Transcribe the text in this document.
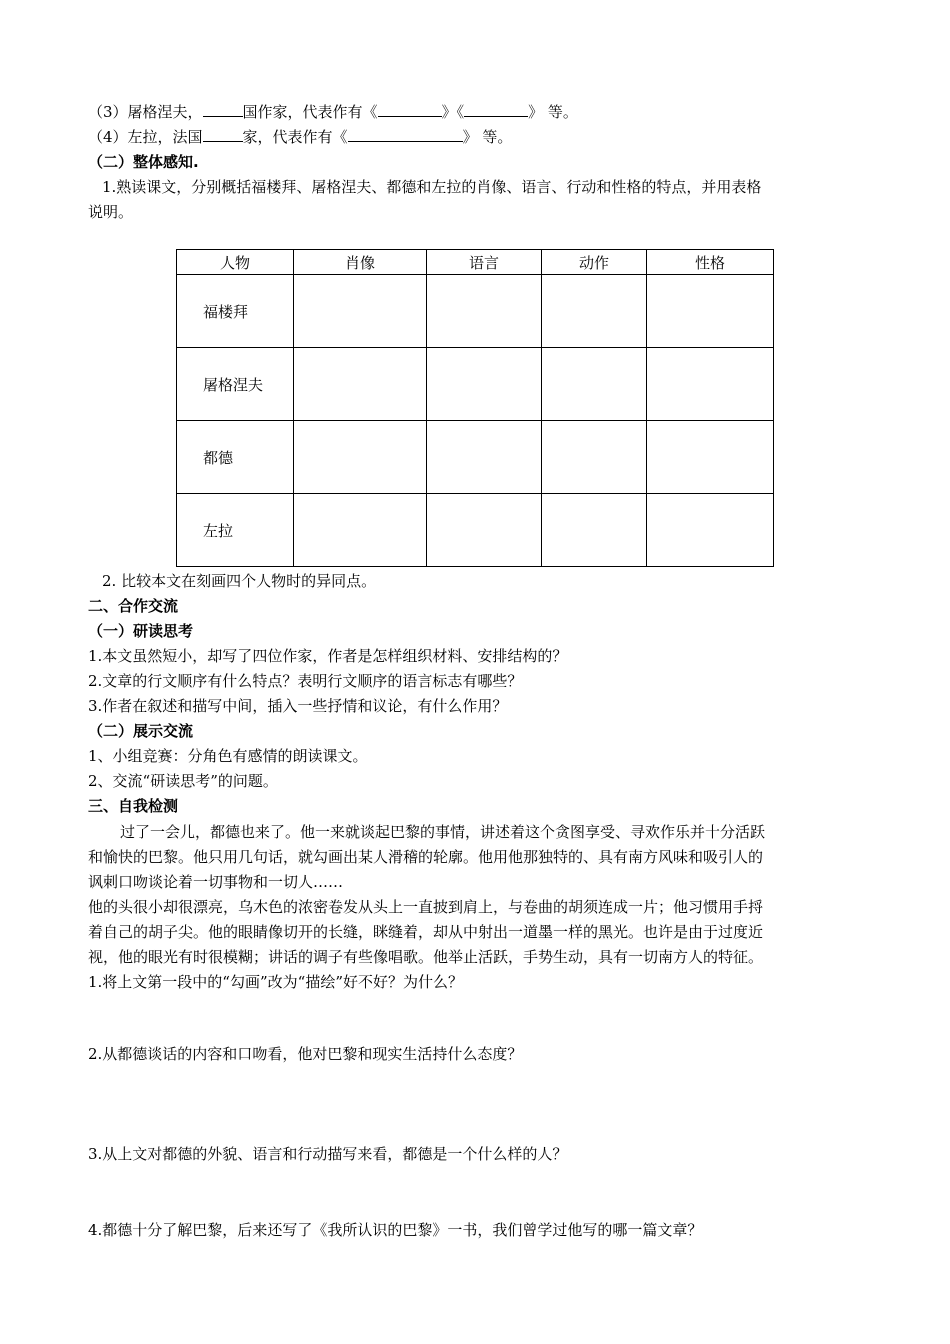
（3）屠格涅夫，	国作家，代表作有《	》《	》 等。
（4）左拉，法国	家，代表作有《	》 等。
（二）整体感知.
1.熟读课文，分别概括福楼拜、屠格涅夫、都德和左拉的肖像、语言、行动和性格的特点，并用表格
说明。
人物	肖像	语言	动作	性格
福楼拜				
屠格涅夫				
都德				
左拉				
2. 比较本文在刻画四个人物时的异同点。
二、合作交流
（一）研读思考
1.本文虽然短小，却写了四位作家，作者是怎样组织材料、安排结构的？
2.文章的行文顺序有什么特点？表明行文顺序的语言标志有哪些？
3.作者在叙述和描写中间，插入一些抒情和议论，有什么作用？
（二）展示交流
1、小组竞赛：分角色有感情的朗读课文。
2、交流“研读思考”的问题。
三、自我检测
过了一会儿，都德也来了。他一来就谈起巴黎的事情，讲述着这个贪图享受、寻欢作乐并十分活跃
和愉快的巴黎。他只用几句话，就勾画出某人滑稽的轮廓。他用他那独特的、具有南方风味和吸引人的
讽刺口吻谈论着一切事物和一切人……
他的头很小却很漂亮，乌木色的浓密卷发从头上一直披到肩上，与卷曲的胡须连成一片；他习惯用手捋
着自己的胡子尖。他的眼睛像切开的长缝，眯缝着，却从中射出一道墨一样的黑光。也许是由于过度近
视，他的眼光有时很模糊；讲话的调子有些像唱歌。他举止活跃，手势生动，具有一切南方人的特征。
1.将上文第一段中的“勾画”改为“描绘”好不好？为什么？
2.从都德谈话的内容和口吻看，他对巴黎和现实生活持什么态度？
3.从上文对都德的外貌、语言和行动描写来看，都德是一个什么样的人？
4.都德十分了解巴黎，后来还写了《我所认识的巴黎》一书，我们曾学过他写的哪一篇文章？
